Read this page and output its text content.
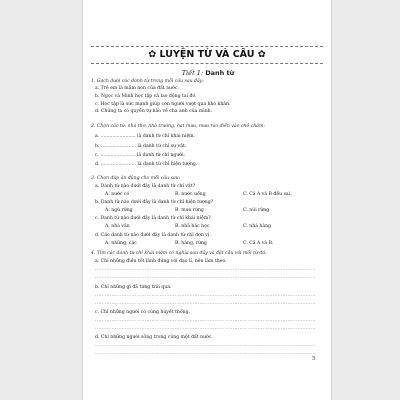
✿ LUYỆN TỪ VÀ CÂU ✿
Tiết 1: Danh từ
1. Gạch dưới các danh từ trong mỗi câu sau đây:
a. Trẻ em là mầm non của đất nước.
b. Ngọc và Minh học tập và lao động tại đó.
c. Học tập là sức mạnh giúp con người vượt qua khó khăn.
d. Chúng ta có quyền tự hào về cha anh của mình.
2. Chọn các từ: nhà thơ, nhà trường, hạt mưa, mưa rào điền vào chỗ chấm:
a. ........................ là danh từ chỉ khái niệm.
b. ........................ là danh từ chỉ sự vật.
c. ........................ là danh từ chỉ người.
d. ........................ là danh từ chỉ hiện tượng.
3. Chọn đáp án đúng cho mỗi câu sau:
a. Danh từ nào dưới đây là danh từ chỉ vật?
A. nước có	B. nước uống	C. Cả A và B đều sai.
b. Danh từ nào dưới đây là danh từ chỉ hiện tượng?
A. ngủ rừng	B. mưa rừng	C. núi rừng
c. Danh từ nào dưới đây là danh từ chỉ khái niệm?
A. nhà văn	B. nhà bác học	C. nhà hàng
d. Các danh từ nào dưới đây là danh từ chỉ đơn vị.
A. những, các	B. hàng, rừng	C. Cả A và B.
4. Tìm các danh từ chỉ khái niệm có nghĩa sau đây và đặt câu với mỗi từ đó:
a. Chỉ những điều tốt lành đúng với đạo lí, nên làm theo.
.....................................................................................................................................
.....................................................................................................................................
b. Chỉ những gì đã từng trải qua.
.....................................................................................................................................
.....................................................................................................................................
c. Chỉ những người có cùng huyết thống.
.....................................................................................................................................
.....................................................................................................................................
d. Chỉ những người sống trong cùng một đất nước.
.....................................................................................................................................
.....................................................................................................................................
5
